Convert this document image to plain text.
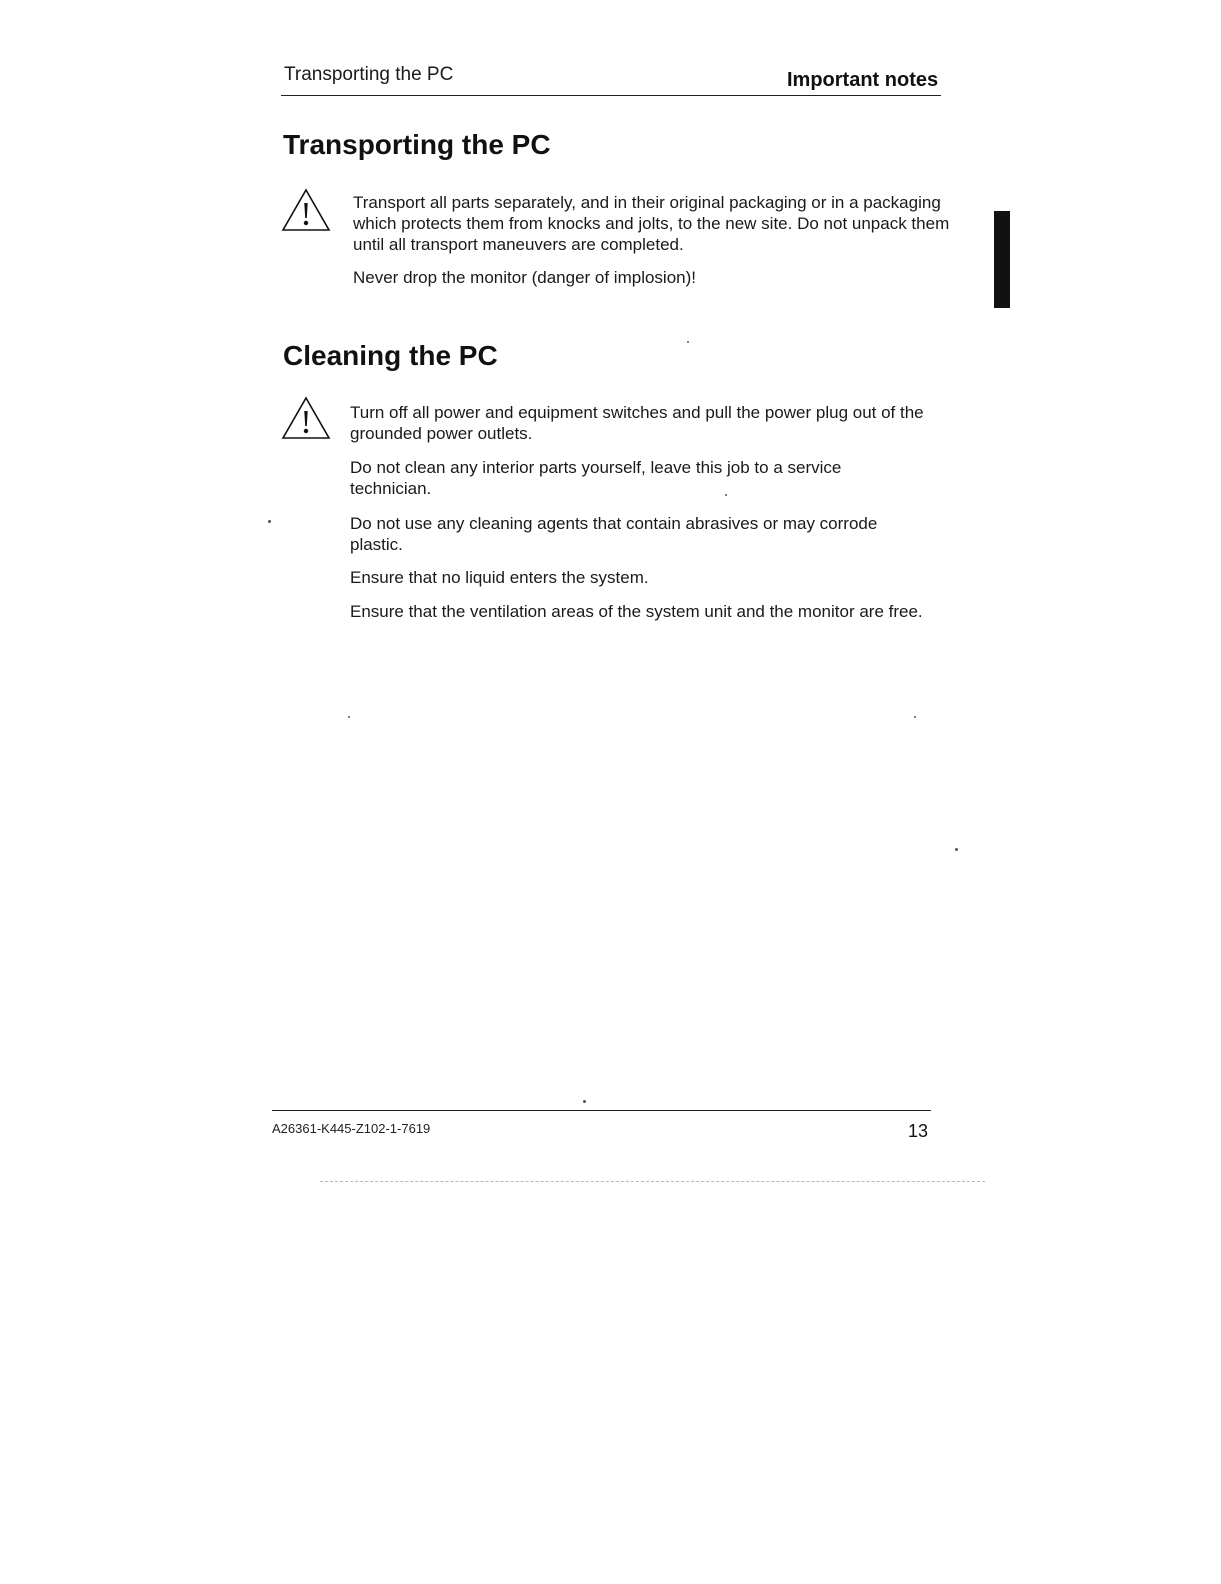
Transporting the PC	Important notes
Transporting the PC

Transport all parts separately, and in their original packaging or in a packaging which protects them from knocks and jolts, to the new site. Do not unpack them until all transport maneuvers are completed.

Never drop the monitor (danger of implosion)!

Cleaning the PC

Turn off all power and equipment switches and pull the power plug out of the grounded power outlets.

Do not clean any interior parts yourself, leave this job to a service technician.

Do not use any cleaning agents that contain abrasives or may corrode plastic.

Ensure that no liquid enters the system.

Ensure that the ventilation areas of the system unit and the monitor are free.

A26361-K445-Z102-1-7619	13
